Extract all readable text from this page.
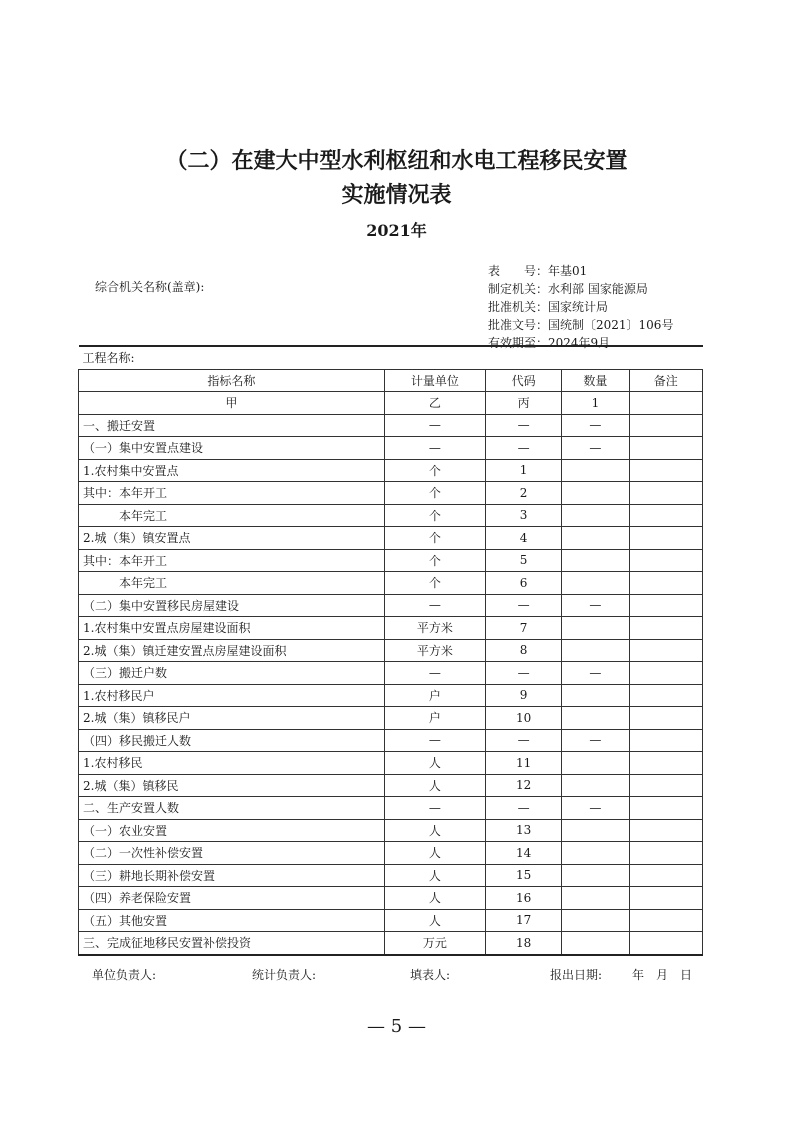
（二）在建大中型水利枢纽和水电工程移民安置
实施情况表
2021年
综合机关名称(盖章):
表　　号：年基01
制定机关：水利部 国家能源局
批准机关：国家统计局
批准文号：国统制〔2021〕106号
有效期至：2024年9月
工程名称:				
指标名称	计量单位	代码	数量	备注
甲	乙	丙	1	
一、搬迁安置	—	—	—	
（一）集中安置点建设	—	—	—	
1.农村集中安置点	个	1		
其中：本年开工	个	2		
本年完工	个	3		
2.城（集）镇安置点	个	4		
其中：本年开工	个	5		
本年完工	个	6		
（二）集中安置移民房屋建设	—	—	—	
1.农村集中安置点房屋建设面积	平方米	7		
2.城（集）镇迁建安置点房屋建设面积	平方米	8		
（三）搬迁户数	—	—	—	
1.农村移民户	户	9		
2.城（集）镇移民户	户	10		
（四）移民搬迁人数	—	—	—	
1.农村移民	人	11		
2.城（集）镇移民	人	12		
二、生产安置人数	—	—	—	
（一）农业安置	人	13		
（二）一次性补偿安置	人	14		
（三）耕地长期补偿安置	人	15		
（四）养老保险安置	人	16		
（五）其他安置	人	17		
三、完成征地移民安置补偿投资	万元	18		
单位负责人:	统计负责人:	填表人:	报出日期: 年　月　日
— 5 —
